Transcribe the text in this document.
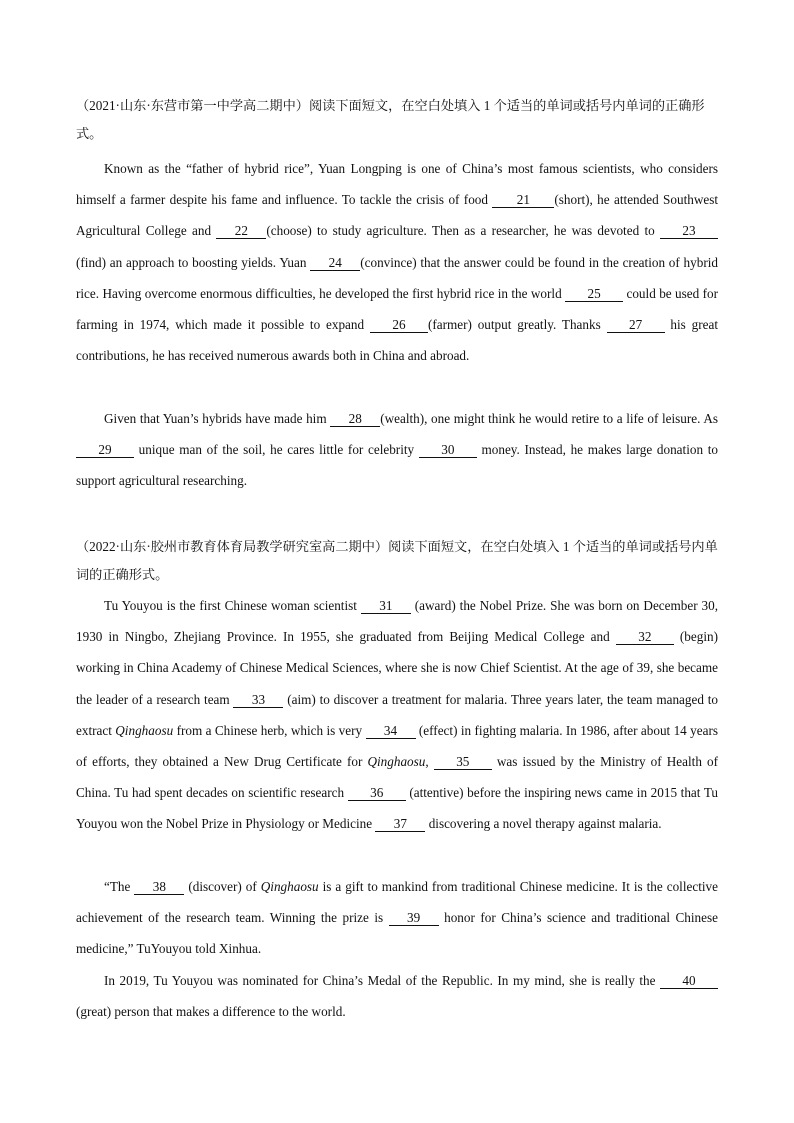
（2021·山东·东营市第一中学高二期中）阅读下面短文，在空白处填入 1 个适当的单词或括号内单词的正确形式。

Known as the “father of hybrid rice”, Yuan Longping is one of China’s most famous scientists, who considers himself a farmer despite his fame and influence. To tackle the crisis of food 21 (short), he attended Southwest Agricultural College and 22 (choose) to study agriculture. Then as a researcher, he was devoted to 23(find) an approach to boosting yields. Yuan 24 (convince) that the answer could be found in the creation of hybrid rice. Having overcome enormous difficulties, he developed the first hybrid rice in the world 25 could be used for farming in 1974, which made it possible to expand 26 (farmer) output greatly. Thanks 27 his great contributions, he has received numerous awards both in China and abroad.

Given that Yuan’s hybrids have made him 28 (wealth), one might think he would retire to a life of leisure. As 29 unique man of the soil, he cares little for celebrity 30 money. Instead, he makes large donation to support agricultural researching.

（2022·山东·胶州市教育体育局教学研究室高二期中）阅读下面短文，在空白处填入 1 个适当的单词或括号内单词的正确形式。

Tu Youyou is the first Chinese woman scientist 31 (award) the Nobel Prize. She was born on December 30, 1930 in Ningbo, Zhejiang Province. In 1955, she graduated from Beijing Medical College and 32 (begin) working in China Academy of Chinese Medical Sciences, where she is now Chief Scientist. At the age of 39, she became the leader of a research team 33 (aim) to discover a treatment for malaria. Three years later, the team managed to extract Qinghaosu from a Chinese herb, which is very 34 (effect) in fighting malaria. In 1986, after about 14 years of efforts, they obtained a New Drug Certificate for Qinghaosu, 35 was issued by the Ministry of Health of China. Tu had spent decades on scientific research 36 (attentive) before the inspiring news came in 2015 that Tu Youyou won the Nobel Prize in Physiology or Medicine 37 discovering a novel therapy against malaria.

“The 38 (discover) of Qinghaosu is a gift to mankind from traditional Chinese medicine. It is the collective achievement of the research team. Winning the prize is 39 honor for China’s science and traditional Chinese medicine,” TuYouyou told Xinhua.

In 2019, Tu Youyou was nominated for China’s Medal of the Republic. In my mind, she is really the 40 (great) person that makes a difference to the world.
